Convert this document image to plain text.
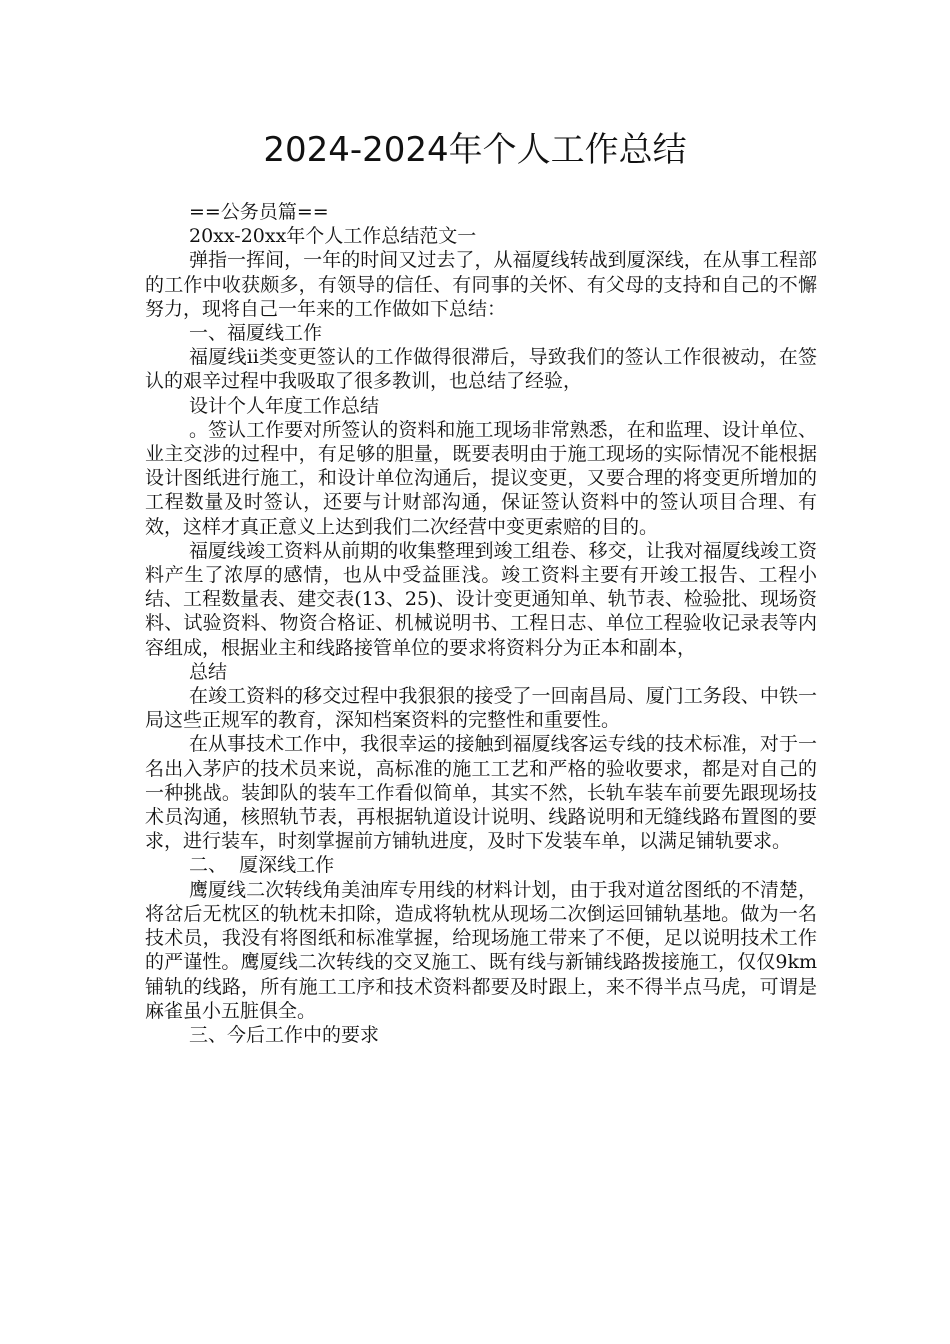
2024-2024年个人工作总结

==公务员篇==

20xx-20xx年个人工作总结范文一

弹指一挥间，一年的时间又过去了，从福厦线转战到厦深线，在从事工程部的工作中收获颇多，有领导的信任、有同事的关怀、有父母的支持和自己的不懈努力，现将自己一年来的工作做如下总结：

一、福厦线工作

福厦线ii类变更签认的工作做得很滞后，导致我们的签认工作很被动，在签认的艰辛过程中我吸取了很多教训，也总结了经验，

设计个人年度工作总结

。签认工作要对所签认的资料和施工现场非常熟悉，在和监理、设计单位、业主交涉的过程中，有足够的胆量，既要表明由于施工现场的实际情况不能根据设计图纸进行施工，和设计单位沟通后，提议变更，又要合理的将变更所增加的工程数量及时签认，还要与计财部沟通，保证签认资料中的签认项目合理、有效，这样才真正意义上达到我们二次经营中变更索赔的目的。

福厦线竣工资料从前期的收集整理到竣工组卷、移交，让我对福厦线竣工资料产生了浓厚的感情，也从中受益匪浅。竣工资料主要有开竣工报告、工程小结、工程数量表、建交表(13、25)、设计变更通知单、轨节表、检验批、现场资料、试验资料、物资合格证、机械说明书、工程日志、单位工程验收记录表等内容组成，根据业主和线路接管单位的要求将资料分为正本和副本，

总结

在竣工资料的移交过程中我狠狠的接受了一回南昌局、厦门工务段、中铁一局这些正规军的教育，深知档案资料的完整性和重要性。

在从事技术工作中，我很幸运的接触到福厦线客运专线的技术标准，对于一名出入茅庐的技术员来说，高标准的施工工艺和严格的验收要求，都是对自己的一种挑战。装卸队的装车工作看似简单，其实不然，长轨车装车前要先跟现场技术员沟通，核照轨节表，再根据轨道设计说明、线路说明和无缝线路布置图的要求，进行装车，时刻掌握前方铺轨进度，及时下发装车单，以满足铺轨要求。

二、  厦深线工作

鹰厦线二次转线角美油库专用线的材料计划，由于我对道岔图纸的不清楚，将岔后无枕区的轨枕未扣除，造成将轨枕从现场二次倒运回铺轨基地。做为一名技术员，我没有将图纸和标准掌握，给现场施工带来了不便，足以说明技术工作的严谨性。鹰厦线二次转线的交叉施工、既有线与新铺线路拨接施工，仅仅9km铺轨的线路，所有施工工序和技术资料都要及时跟上，来不得半点马虎，可谓是麻雀虽小五脏俱全。

三、今后工作中的要求
